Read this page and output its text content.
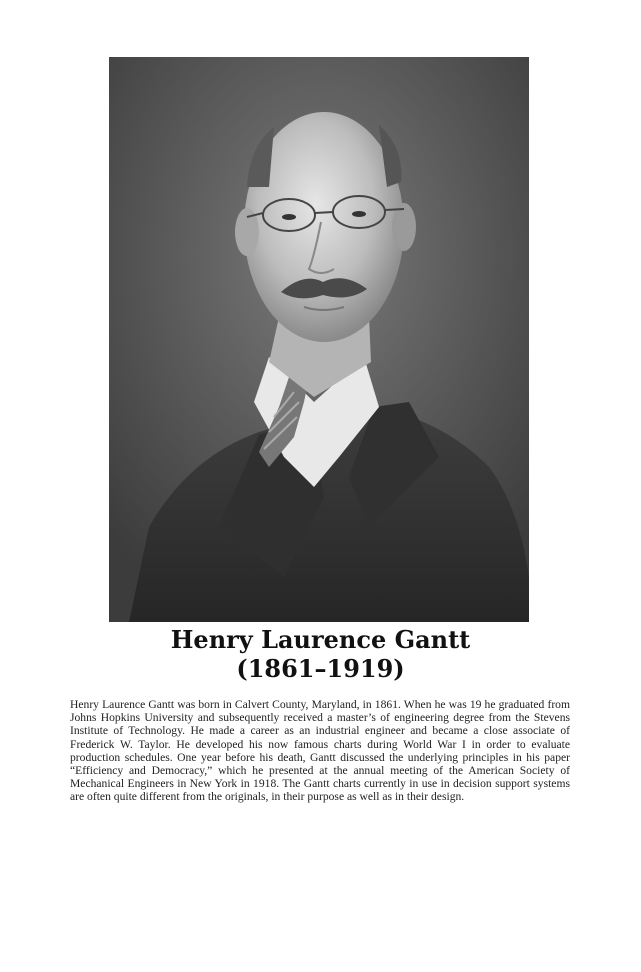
Henry Laurence Gantt
(1861–1919)

Henry Laurence Gantt was born in Calvert County, Maryland, in 1861. When he was 19 he graduated from Johns Hopkins University and subsequently received a master’s of engineering degree from the Stevens Institute of Technology. He made a career as an industrial engineer and became a close associate of Frederick W. Taylor. He developed his now famous charts during World War I in order to evaluate production schedules. One year before his death, Gantt discussed the underlying principles in his paper “Efficiency and Democracy,” which he presented at the annual meeting of the American Society of Mechanical Engineers in New York in 1918. The Gantt charts currently in use in decision support systems are often quite different from the originals, in their purpose as well as in their design.
